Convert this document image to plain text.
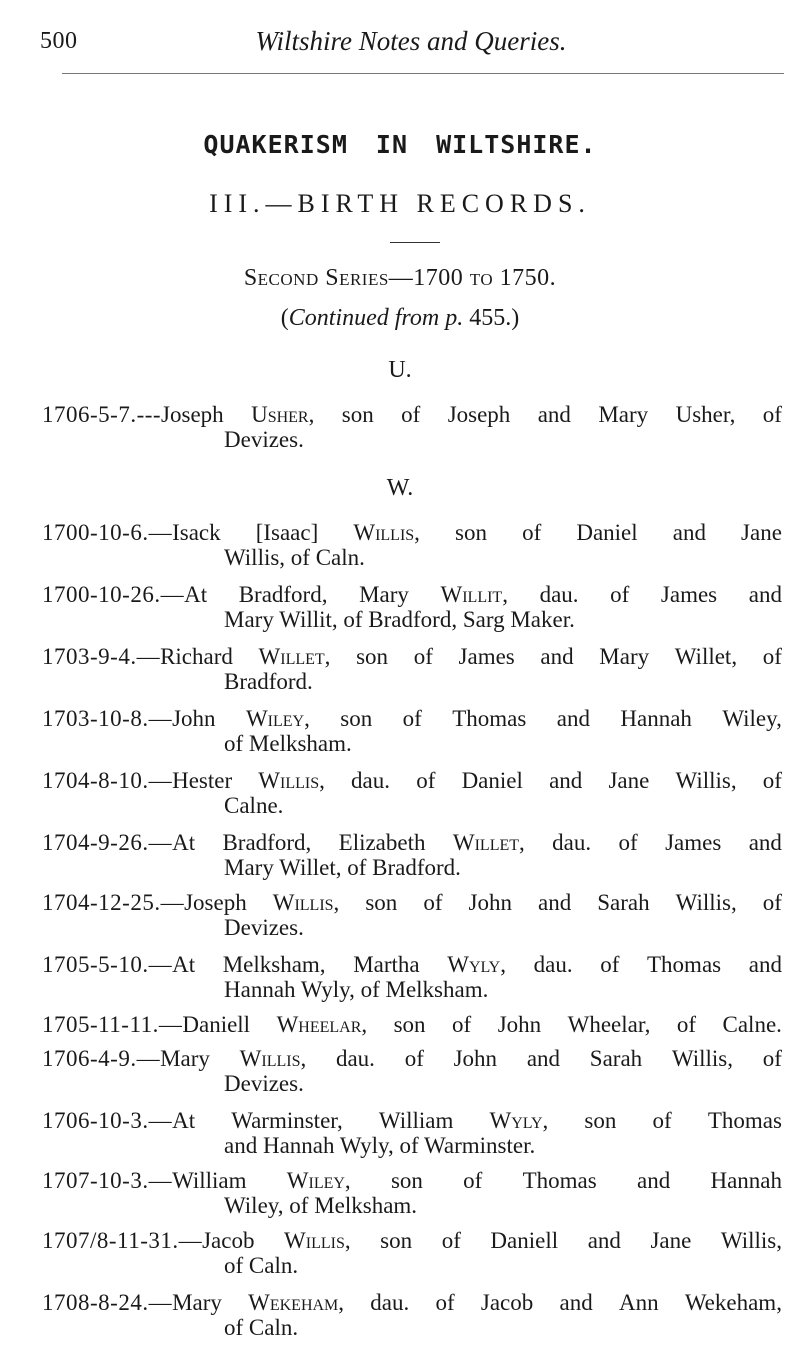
500	Wiltshire Notes and Queries.
QUAKERISM IN WILTSHIRE.
III.—BIRTH RECORDS.
Second Series—1700 to 1750.
(Continued from p. 455.)
U.
W.
1706-5-7.---Joseph Usher, son of Joseph and Mary Usher, of
Devizes.
1700-10-6.—Isack [Isaac] Willis, son of Daniel and Jane
Willis, of Caln.
1700-10-26.—At Bradford, Mary Willit, dau. of James and
Mary Willit, of Bradford, Sarg Maker.
1703-9-4.—Richard Willet, son of James and Mary Willet, of
Bradford.
1703-10-8.—John Wiley, son of Thomas and Hannah Wiley,
of Melksham.
1704-8-10.—Hester Willis, dau. of Daniel and Jane Willis, of
Calne.
1704-9-26.—At Bradford, Elizabeth Willet, dau. of James and
Mary Willet, of Bradford.
1704-12-25.—Joseph Willis, son of John and Sarah Willis, of
Devizes.
1705-5-10.—At Melksham, Martha Wyly, dau. of Thomas and
Hannah Wyly, of Melksham.
1705-11-11.—Daniell Wheelar, son of John Wheelar, of Calne.
1706-4-9.—Mary Willis, dau. of John and Sarah Willis, of
Devizes.
1706-10-3.—At Warminster, William Wyly, son of Thomas
and Hannah Wyly, of Warminster.
1707-10-3.—William Wiley, son of Thomas and Hannah
Wiley, of Melksham.
1707/8-11-31.—Jacob Willis, son of Daniell and Jane Willis,
of Caln.
1708-8-24.—Mary Wekeham, dau. of Jacob and Ann Wekeham,
of Caln.
